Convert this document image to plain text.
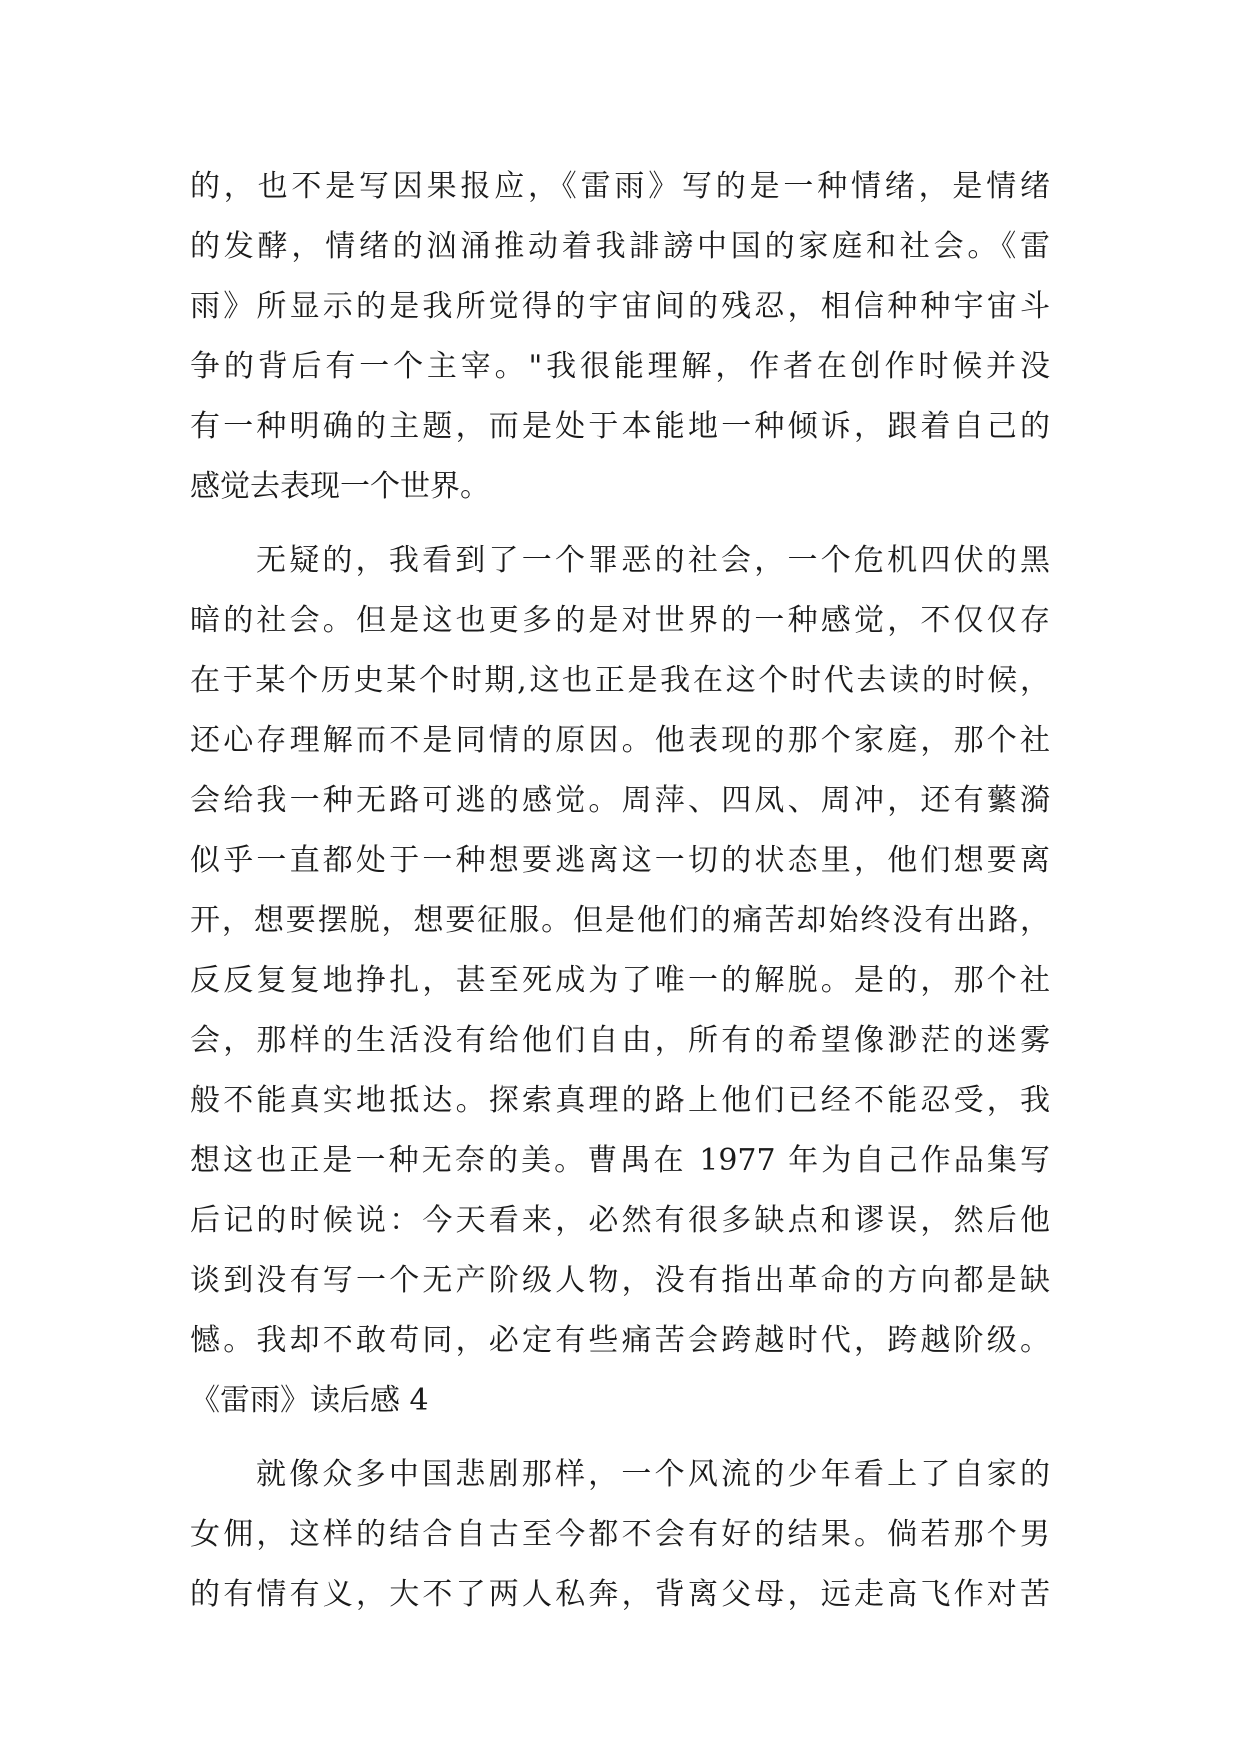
的，也不是写因果报应，《雷雨》写的是一种情绪，是情绪
的发酵，情绪的汹涌推动着我誹謗中国的家庭和社会。《雷
雨》所显示的是我所觉得的宇宙间的残忍，相信种种宇宙斗
争的背后有一个主宰。"我很能理解，作者在创作时候并没
有一种明确的主题，而是处于本能地一种倾诉，跟着自己的
感觉去表现一个世界。
无疑的，我看到了一个罪恶的社会，一个危机四伏的黑
暗的社会。但是这也更多的是对世界的一种感觉，不仅仅存
在于某个历史某个时期,这也正是我在这个时代去读的时候，
还心存理解而不是同情的原因。他表现的那个家庭，那个社
会给我一种无路可逃的感觉。周萍、四凤、周冲，还有蘩漪
似乎一直都处于一种想要逃离这一切的状态里，他们想要离
开，想要摆脱，想要征服。但是他们的痛苦却始终没有出路，
反反复复地挣扎，甚至死成为了唯一的解脱。是的，那个社
会，那样的生活没有给他们自由，所有的希望像渺茫的迷雾
般不能真实地抵达。探索真理的路上他们已经不能忍受，我
想这也正是一种无奈的美。曹禺在 1977 年为自己作品集写
后记的时候说：今天看来，必然有很多缺点和谬误，然后他
谈到没有写一个无产阶级人物，没有指出革命的方向都是缺
憾。我却不敢苟同，必定有些痛苦会跨越时代，跨越阶级。
《雷雨》读后感 4
就像众多中国悲剧那样，一个风流的少年看上了自家的
女佣，这样的结合自古至今都不会有好的结果。倘若那个男
的有情有义，大不了两人私奔，背离父母，远走高飞作对苦
